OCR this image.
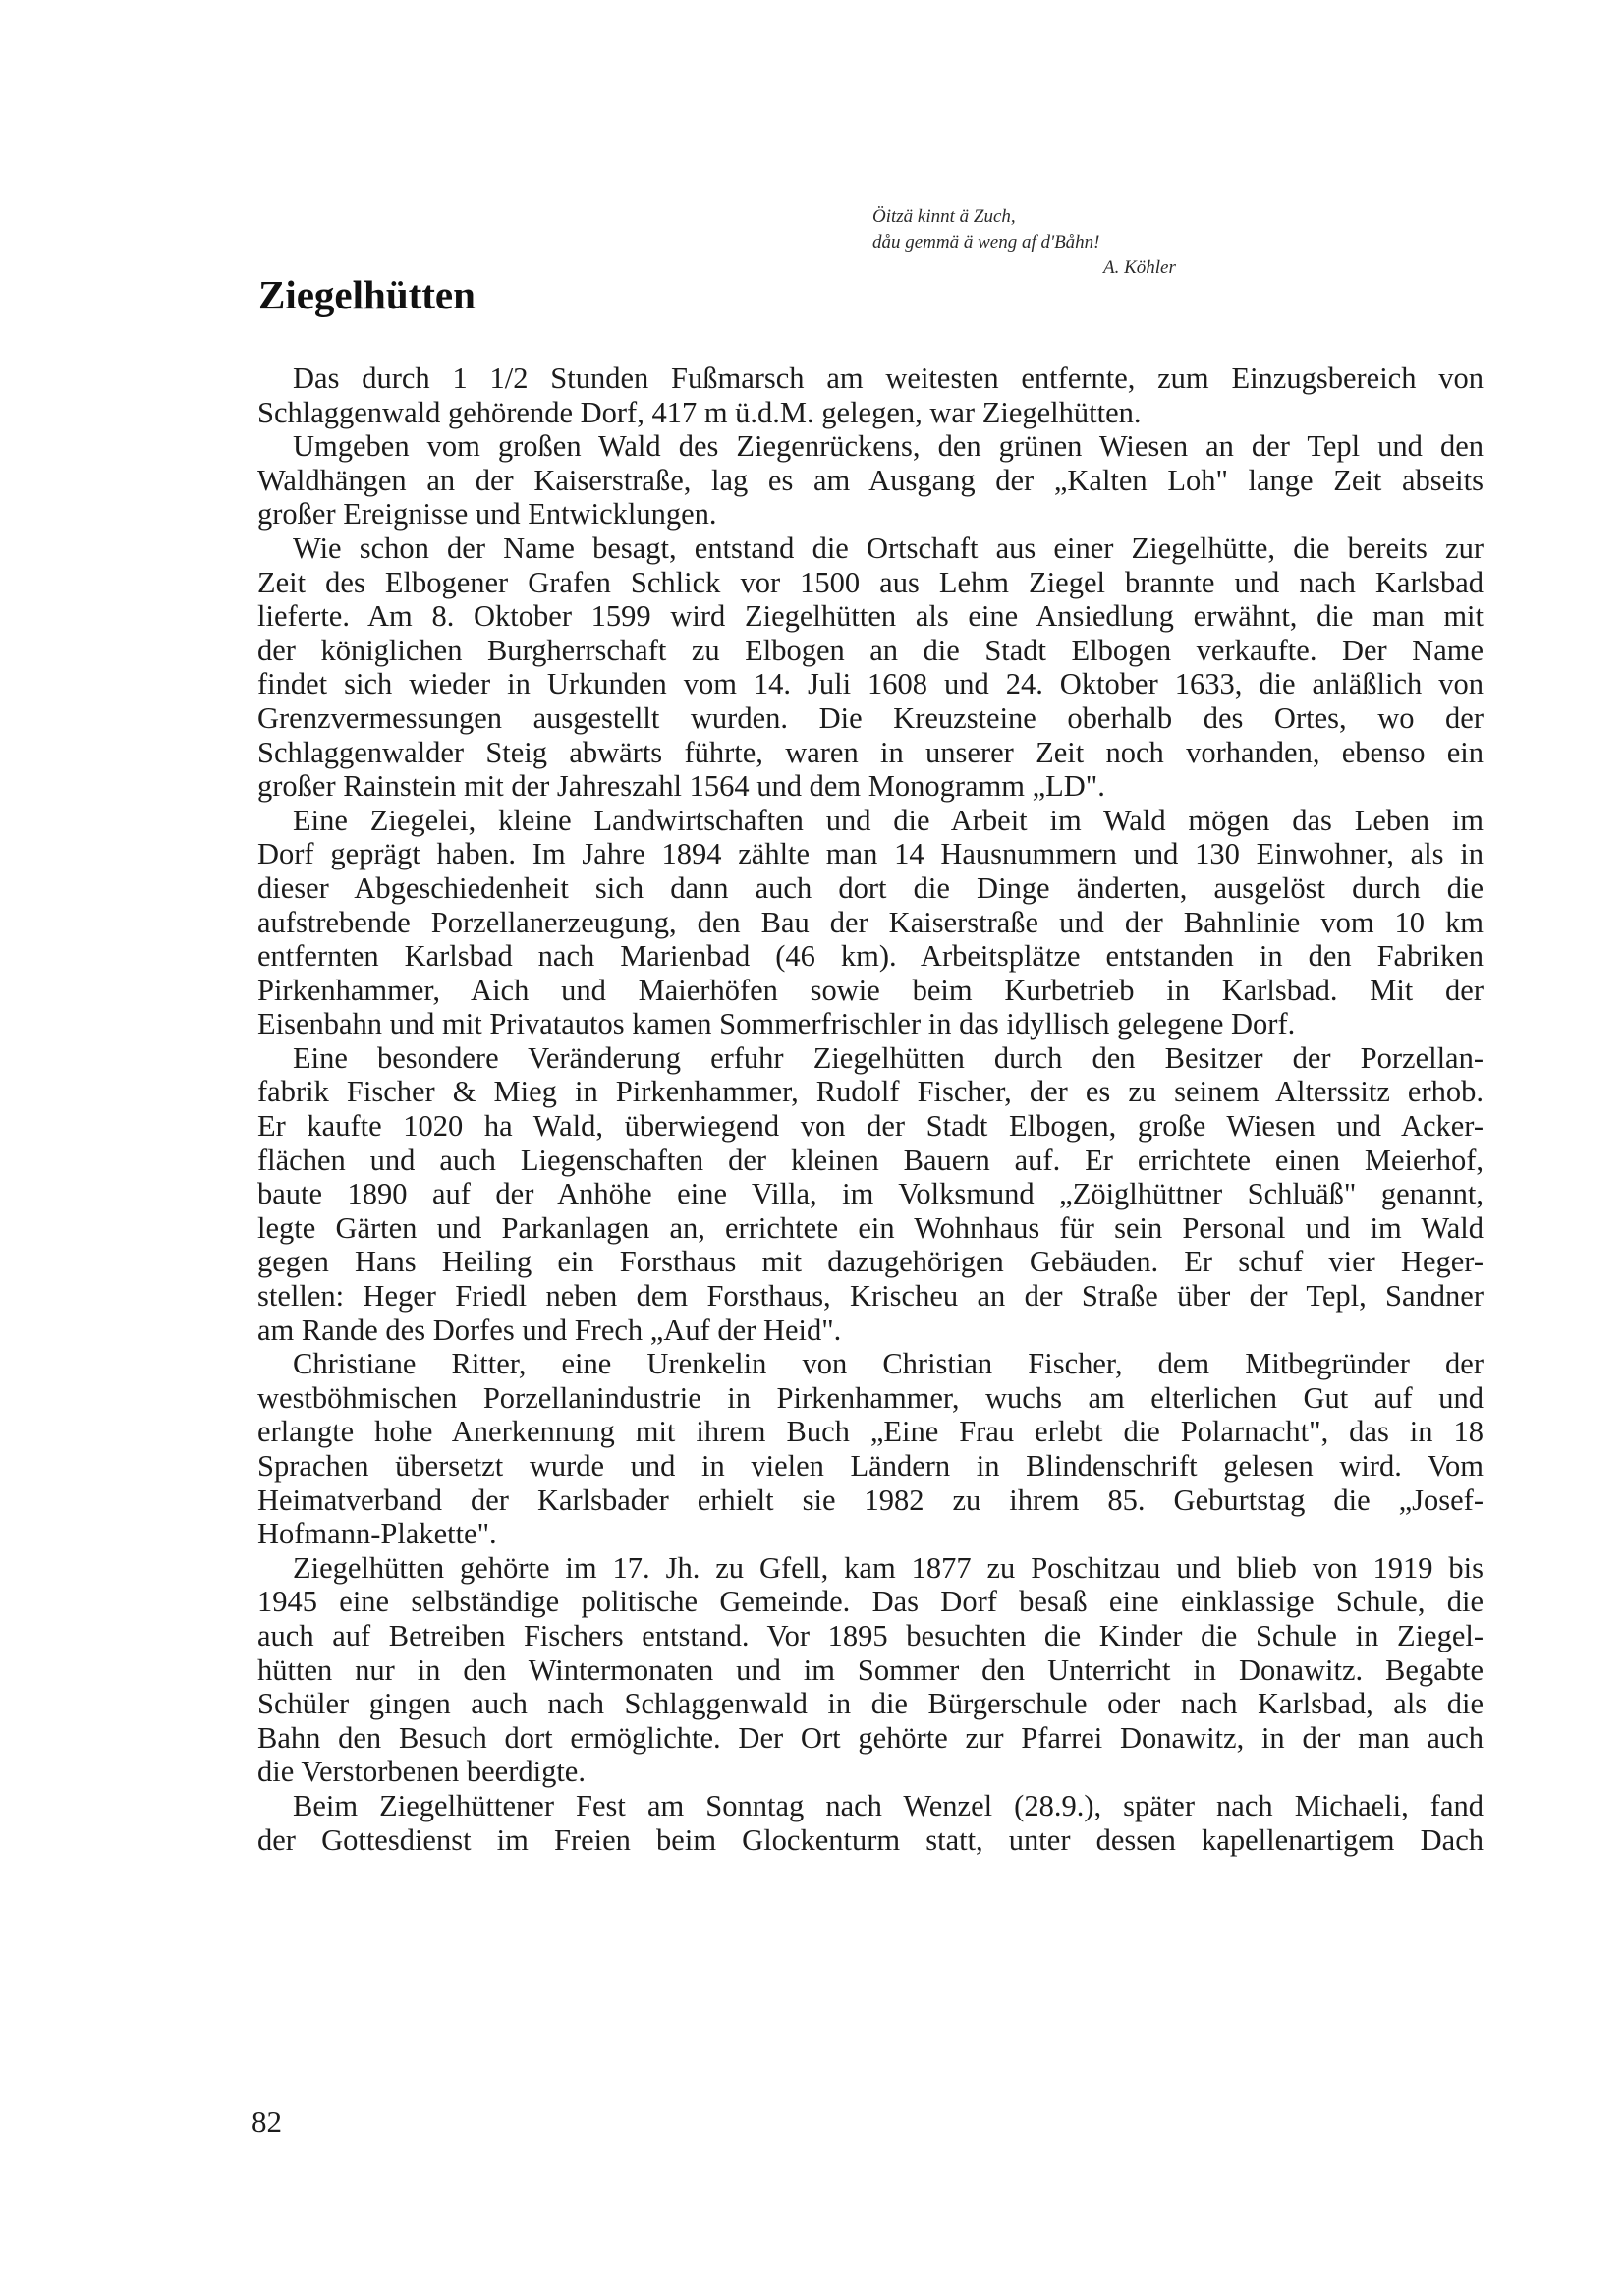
Öitzä kinnt ä Zuch,
dåu gemmä ä weng af d'Båhn!
A. Köhler
Ziegelhütten

Das durch 1 1/2 Stunden Fußmarsch am weitesten entfernte, zum Einzugsbereich von
Schlaggenwald gehörende Dorf, 417 m ü.d.M. gelegen, war Ziegelhütten.

Umgeben vom großen Wald des Ziegenrückens, den grünen Wiesen an der Tepl und den
Waldhängen an der Kaiserstraße, lag es am Ausgang der „Kalten Loh" lange Zeit abseits
großer Ereignisse und Entwicklungen.

Wie schon der Name besagt, entstand die Ortschaft aus einer Ziegelhütte, die bereits zur
Zeit des Elbogener Grafen Schlick vor 1500 aus Lehm Ziegel brannte und nach Karlsbad
lieferte. Am 8. Oktober 1599 wird Ziegelhütten als eine Ansiedlung erwähnt, die man mit
der königlichen Burgherrschaft zu Elbogen an die Stadt Elbogen verkaufte. Der Name
findet sich wieder in Urkunden vom 14. Juli 1608 und 24. Oktober 1633, die anläßlich von
Grenzvermessungen ausgestellt wurden. Die Kreuzsteine oberhalb des Ortes, wo der
Schlaggenwalder Steig abwärts führte, waren in unserer Zeit noch vorhanden, ebenso ein
großer Rainstein mit der Jahreszahl 1564 und dem Monogramm „LD".

Eine Ziegelei, kleine Landwirtschaften und die Arbeit im Wald mögen das Leben im
Dorf geprägt haben. Im Jahre 1894 zählte man 14 Hausnummern und 130 Einwohner, als in
dieser Abgeschiedenheit sich dann auch dort die Dinge änderten, ausgelöst durch die
aufstrebende Porzellanerzeugung, den Bau der Kaiserstraße und der Bahnlinie vom 10 km
entfernten Karlsbad nach Marienbad (46 km). Arbeitsplätze entstanden in den Fabriken
Pirkenhammer, Aich und Maierhöfen sowie beim Kurbetrieb in Karlsbad. Mit der
Eisenbahn und mit Privatautos kamen Sommerfrischler in das idyllisch gelegene Dorf.

Eine besondere Veränderung erfuhr Ziegelhütten durch den Besitzer der Porzellan-
fabrik Fischer & Mieg in Pirkenhammer, Rudolf Fischer, der es zu seinem Alterssitz erhob.
Er kaufte 1020 ha Wald, überwiegend von der Stadt Elbogen, große Wiesen und Acker-
flächen und auch Liegenschaften der kleinen Bauern auf. Er errichtete einen Meierhof,
baute 1890 auf der Anhöhe eine Villa, im Volksmund „Zöiglhüttner Schluäß" genannt,
legte Gärten und Parkanlagen an, errichtete ein Wohnhaus für sein Personal und im Wald
gegen Hans Heiling ein Forsthaus mit dazugehörigen Gebäuden. Er schuf vier Heger-
stellen: Heger Friedl neben dem Forsthaus, Krischeu an der Straße über der Tepl, Sandner
am Rande des Dorfes und Frech „Auf der Heid".

Christiane Ritter, eine Urenkelin von Christian Fischer, dem Mitbegründer der
westböhmischen Porzellanindustrie in Pirkenhammer, wuchs am elterlichen Gut auf und
erlangte hohe Anerkennung mit ihrem Buch „Eine Frau erlebt die Polarnacht", das in 18
Sprachen übersetzt wurde und in vielen Ländern in Blindenschrift gelesen wird. Vom
Heimatverband der Karlsbader erhielt sie 1982 zu ihrem 85. Geburtstag die „Josef-
Hofmann-Plakette".

Ziegelhütten gehörte im 17. Jh. zu Gfell, kam 1877 zu Poschitzau und blieb von 1919 bis
1945 eine selbständige politische Gemeinde. Das Dorf besaß eine einklassige Schule, die
auch auf Betreiben Fischers entstand. Vor 1895 besuchten die Kinder die Schule in Ziegel-
hütten nur in den Wintermonaten und im Sommer den Unterricht in Donawitz. Begabte
Schüler gingen auch nach Schlaggenwald in die Bürgerschule oder nach Karlsbad, als die
Bahn den Besuch dort ermöglichte. Der Ort gehörte zur Pfarrei Donawitz, in der man auch
die Verstorbenen beerdigte.

Beim Ziegelhüttener Fest am Sonntag nach Wenzel (28.9.), später nach Michaeli, fand
der Gottesdienst im Freien beim Glockenturm statt, unter dessen kapellenartigem Dach

82
